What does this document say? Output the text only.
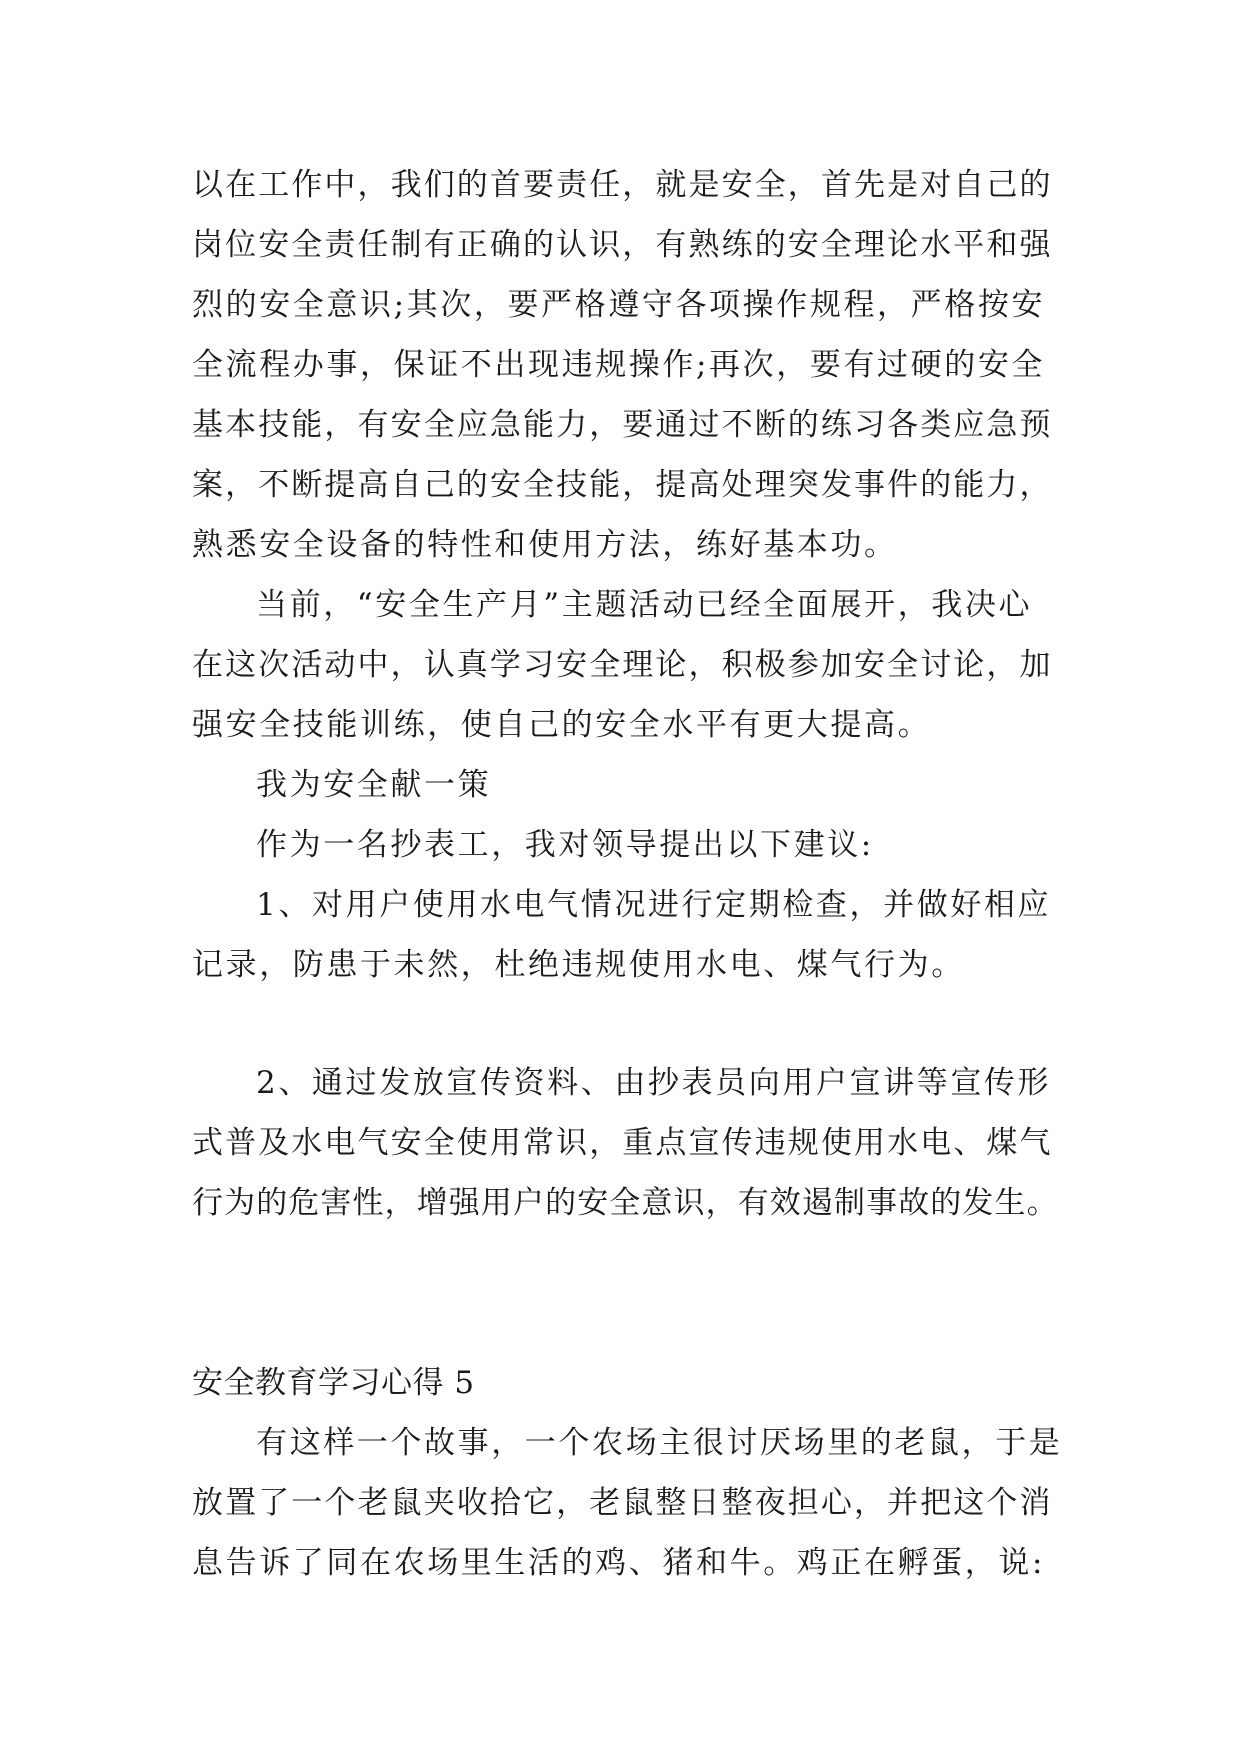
以在工作中，我们的首要责任，就是安全，首先是对自己的
岗位安全责任制有正确的认识，有熟练的安全理论水平和强
烈的安全意识;其次，要严格遵守各项操作规程，严格按安
全流程办事，保证不出现违规操作;再次，要有过硬的安全
基本技能，有安全应急能力，要通过不断的练习各类应急预
案，不断提高自己的安全技能，提高处理突发事件的能力，
熟悉安全设备的特性和使用方法，练好基本功。
当前，“安全生产月”主题活动已经全面展开，我决心
在这次活动中，认真学习安全理论，积极参加安全讨论，加
强安全技能训练，使自己的安全水平有更大提高。
我为安全献一策
作为一名抄表工，我对领导提出以下建议:
1、对用户使用水电气情况进行定期检查，并做好相应
记录，防患于未然，杜绝违规使用水电、煤气行为。
2、通过发放宣传资料、由抄表员向用户宣讲等宣传形
式普及水电气安全使用常识，重点宣传违规使用水电、煤气
行为的危害性，增强用户的安全意识，有效遏制事故的发生。
安全教育学习心得 5
有这样一个故事，一个农场主很讨厌场里的老鼠，于是
放置了一个老鼠夹收拾它，老鼠整日整夜担心，并把这个消
息告诉了同在农场里生活的鸡、猪和牛。鸡正在孵蛋，说:
